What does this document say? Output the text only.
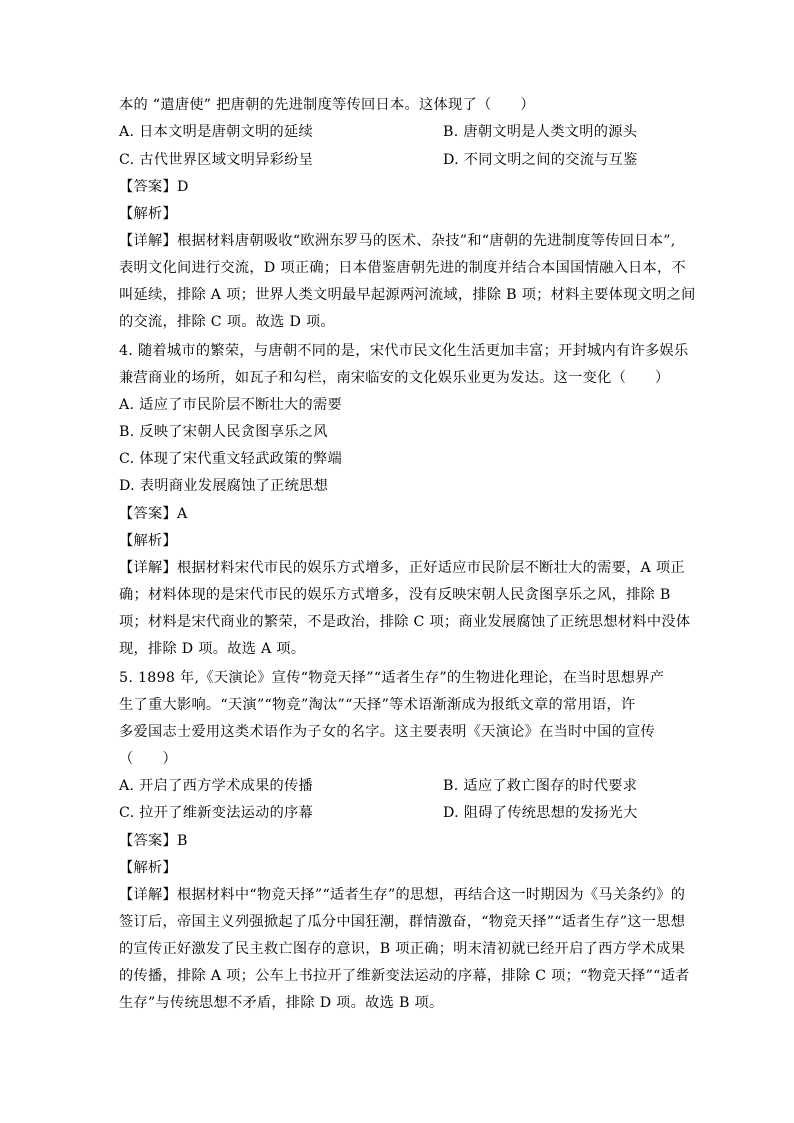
本的 “遣唐使” 把唐朝的先进制度等传回日本。这体现了（　　）
A. 日本文明是唐朝文明的延续	B. 唐朝文明是人类文明的源头
C. 古代世界区域文明异彩纷呈	D. 不同文明之间的交流与互鉴
【答案】D
【解析】
【详解】根据材料唐朝吸收“欧洲东罗马的医术、杂技”和“唐朝的先进制度等传回日本”,
表明文化间进行交流，D 项正确；日本借鉴唐朝先进的制度并结合本国国情融入日本，不
叫延续，排除 A 项；世界人类文明最早起源两河流域，排除 B 项；材料主要体现文明之间
的交流，排除 C 项。故选 D 项。
4. 随着城市的繁荣，与唐朝不同的是，宋代市民文化生活更加丰富；开封城内有许多娱乐
兼营商业的场所，如瓦子和勾栏，南宋临安的文化娱乐业更为发达。这一变化（　　）
A. 适应了市民阶层不断壮大的需要
B. 反映了宋朝人民贪图享乐之风
C. 体现了宋代重文轻武政策的弊端
D. 表明商业发展腐蚀了正统思想
【答案】A
【解析】
【详解】根据材料宋代市民的娱乐方式增多，正好适应市民阶层不断壮大的需要，A 项正
确；材料体现的是宋代市民的娱乐方式增多，没有反映宋朝人民贪图享乐之风，排除 B
项；材料是宋代商业的繁荣，不是政治，排除 C 项；商业发展腐蚀了正统思想材料中没体
现，排除 D 项。故选 A 项。
5. 1898 年,《天演论》宣传“物竞天择”“适者生存”的生物进化理论，在当时思想界产
生了重大影响。“天演”“物竞”淘汰”“天择”等术语渐渐成为报纸文章的常用语，许
多爱国志士爱用这类术语作为子女的名字。这主要表明《天演论》在当时中国的宣传
（　　）
A. 开启了西方学术成果的传播	B. 适应了救亡图存的时代要求
C. 拉开了维新变法运动的序幕	D. 阻碍了传统思想的发扬光大
【答案】B
【解析】
【详解】根据材料中“物竞天择”“适者生存”的思想，再结合这一时期因为《马关条约》的
签订后，帝国主义列强掀起了瓜分中国狂潮，群情激奋，“物竞天择”“适者生存”这一思想
的宣传正好激发了民主救亡图存的意识，B 项正确；明末清初就已经开启了西方学术成果
的传播，排除 A 项；公车上书拉开了维新变法运动的序幕，排除 C 项；“物竞天择”“适者
生存”与传统思想不矛盾，排除 D 项。故选 B 项。
